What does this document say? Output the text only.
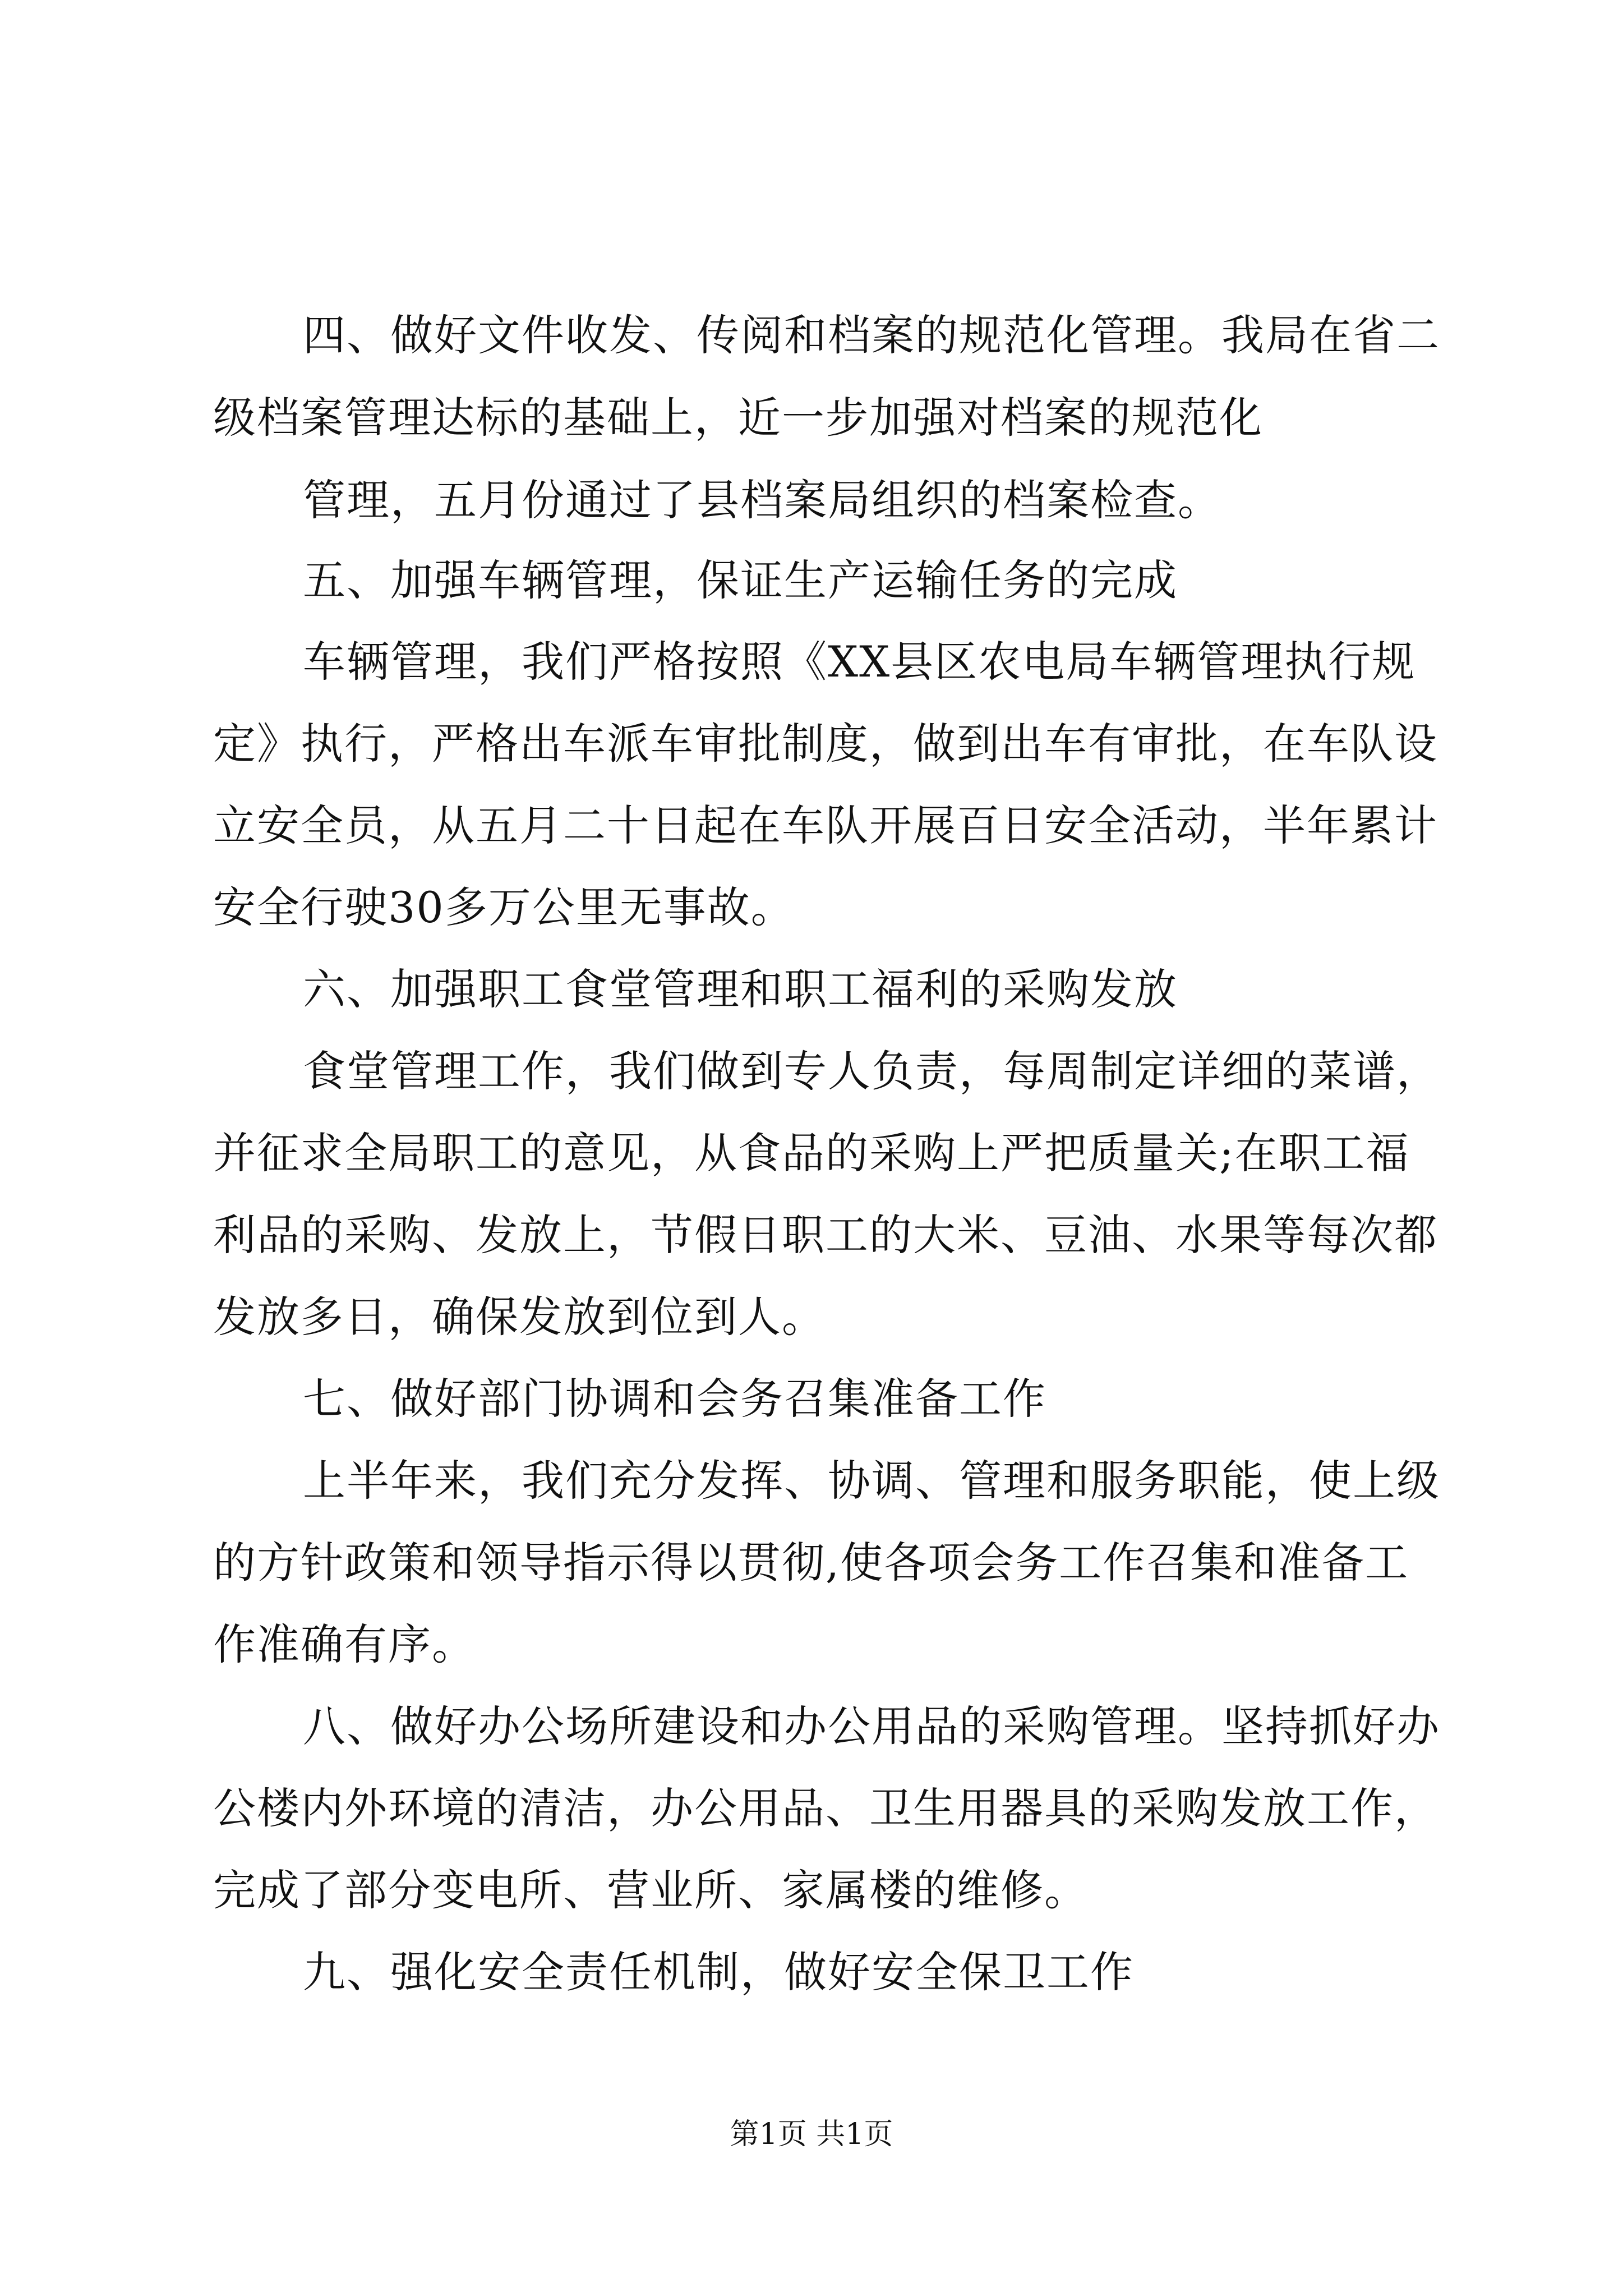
四、做好文件收发、传阅和档案的规范化管理。我局在省二
级档案管理达标的基础上，近一步加强对档案的规范化
管理，五月份通过了县档案局组织的档案检查。
五、加强车辆管理，保证生产运输任务的完成
车辆管理，我们严格按照《XX县区农电局车辆管理执行规
定》执行，严格出车派车审批制度，做到出车有审批，在车队设
立安全员，从五月二十日起在车队开展百日安全活动，半年累计
安全行驶30多万公里无事故。
六、加强职工食堂管理和职工福利的采购发放
食堂管理工作，我们做到专人负责，每周制定详细的菜谱，
并征求全局职工的意见，从食品的采购上严把质量关;在职工福
利品的采购、发放上，节假日职工的大米、豆油、水果等每次都
发放多日，确保发放到位到人。
七、做好部门协调和会务召集准备工作
上半年来，我们充分发挥、协调、管理和服务职能，使上级
的方针政策和领导指示得以贯彻,使各项会务工作召集和准备工
作准确有序。
八、做好办公场所建设和办公用品的采购管理。坚持抓好办
公楼内外环境的清洁，办公用品、卫生用器具的采购发放工作，
完成了部分变电所、营业所、家属楼的维修。
九、强化安全责任机制，做好安全保卫工作
第1页 共1页
